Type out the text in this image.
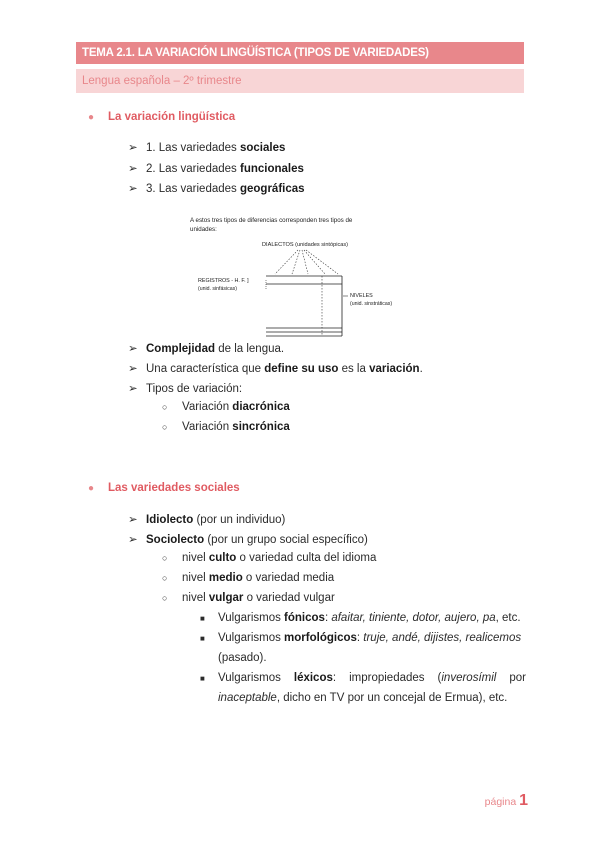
TEMA 2.1. LA VARIACIÓN LINGÜÍSTICA (TIPOS DE VARIEDADES)
Lengua española – 2º trimestre
● La variación lingüística
➢ 1. Las variedades sociales
➢ 2. Las variedades funcionales
➢ 3. Las variedades geográficas
A estos tres tipos de diferencias corresponden tres tipos de
unidades:
DIALECTOS (unidades sintópicas)
REGISTROS - H. F. ]
(unid. sinfásicas)
NIVELES
(unid. sinstráticas)
➢ Complejidad de la lengua.
➢ Una característica que define su uso es la variación.
➢ Tipos de variación:
○ Variación diacrónica
○ Variación sincrónica
● Las variedades sociales
➢ Idiolecto (por un individuo)
➢ Sociolecto (por un grupo social específico)
○ nivel culto o variedad culta del idioma
○ nivel medio o variedad media
○ nivel vulgar o variedad vulgar
■ Vulgarismos fónicos: afaitar, tiniente, dotor, aujero, pa, etc.
■ Vulgarismos morfológicos: truje, andé, dijistes, realicemos
(pasado).
■	Vulgarismos léxicos: impropiedades (inverosímil por
inaceptable, dicho en TV por un concejal de Ermua), etc.
página 1
